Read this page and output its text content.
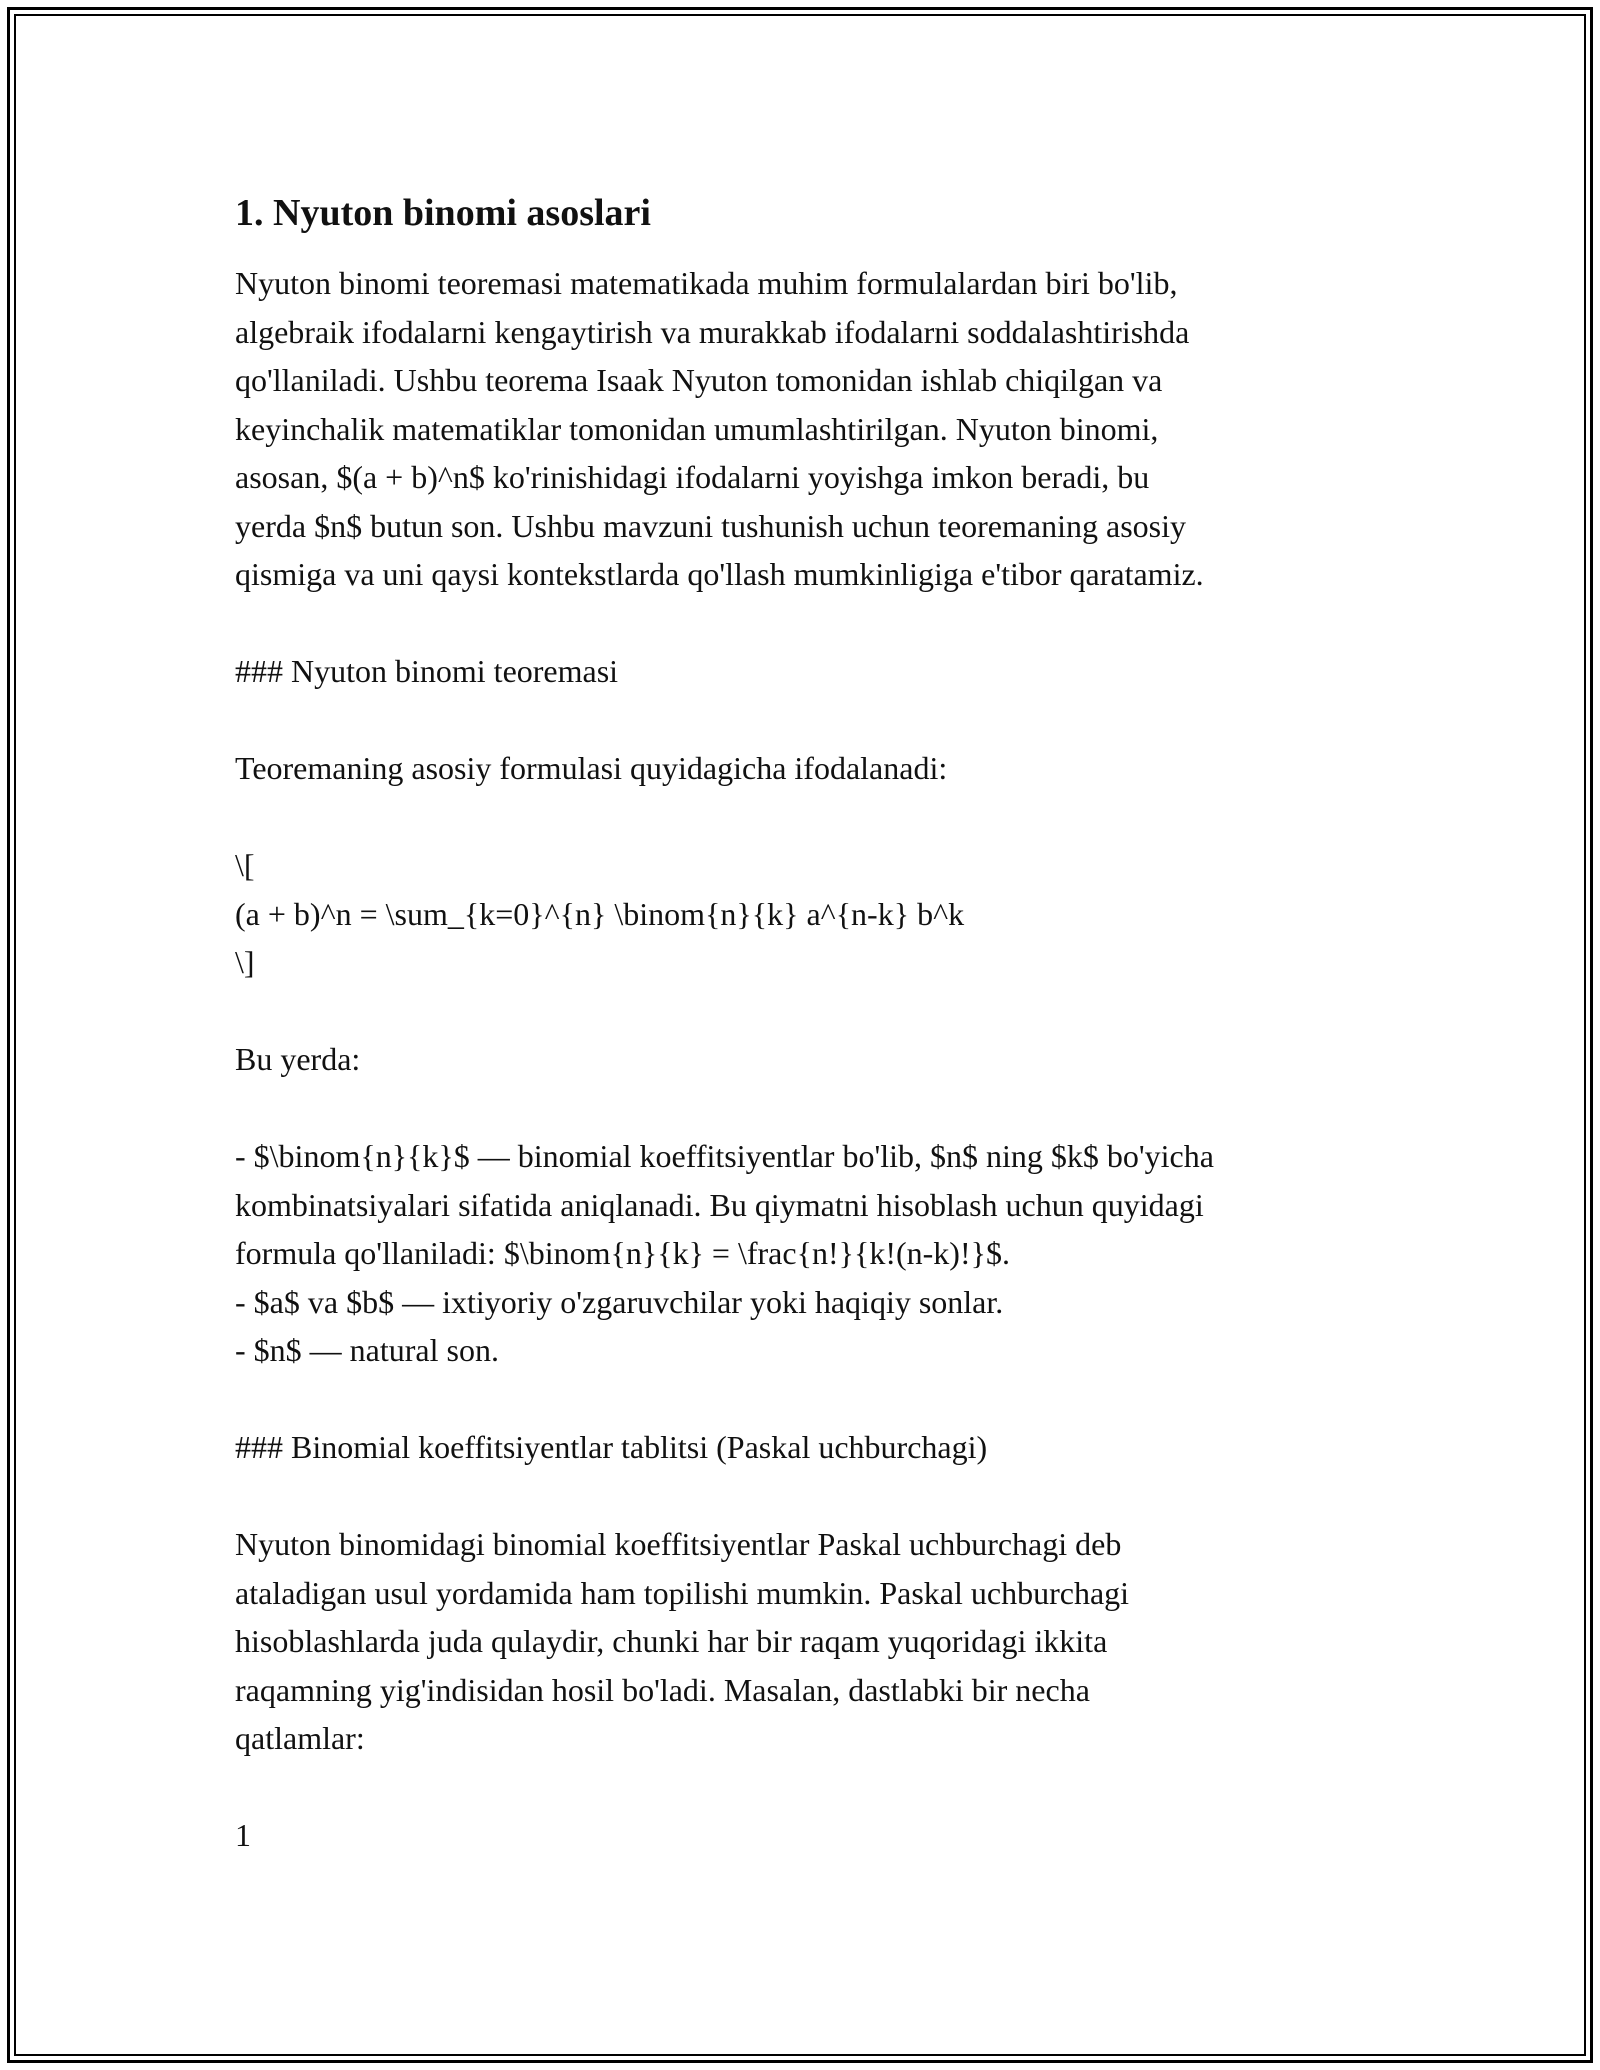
1. Nyuton binomi asoslari

Nyuton binomi teoremasi matematikada muhim formulalardan biri bo'lib,

algebraik ifodalarni kengaytirish va murakkab ifodalarni soddalashtirishda

qo'llaniladi. Ushbu teorema Isaak Nyuton tomonidan ishlab chiqilgan va

keyinchalik matematiklar tomonidan umumlashtirilgan. Nyuton binomi,

asosan, $(a + b)^n$ ko'rinishidagi ifodalarni yoyishga imkon beradi, bu

yerda $n$ butun son. Ushbu mavzuni tushunish uchun teoremaning asosiy

qismiga va uni qaysi kontekstlarda qo'llash mumkinligiga e'tibor qaratamiz.

### Nyuton binomi teoremasi

Teoremaning asosiy formulasi quyidagicha ifodalanadi:

\[

(a + b)^n = \sum_{k=0}^{n} \binom{n}{k} a^{n-k} b^k

\]

Bu yerda:

- $\binom{n}{k}$ — binomial koeffitsiyentlar bo'lib, $n$ ning $k$ bo'yicha

kombinatsiyalari sifatida aniqlanadi. Bu qiymatni hisoblash uchun quyidagi

formula qo'llaniladi: $\binom{n}{k} = \frac{n!}{k!(n-k)!}$.

- $a$ va $b$ — ixtiyoriy o'zgaruvchilar yoki haqiqiy sonlar.

- $n$ — natural son.

### Binomial koeffitsiyentlar tablitsi (Paskal uchburchagi)

Nyuton binomidagi binomial koeffitsiyentlar Paskal uchburchagi deb

ataladigan usul yordamida ham topilishi mumkin. Paskal uchburchagi

hisoblashlarda juda qulaydir, chunki har bir raqam yuqoridagi ikkita

raqamning yig'indisidan hosil bo'ladi. Masalan, dastlabki bir necha

qatlamlar:

1
